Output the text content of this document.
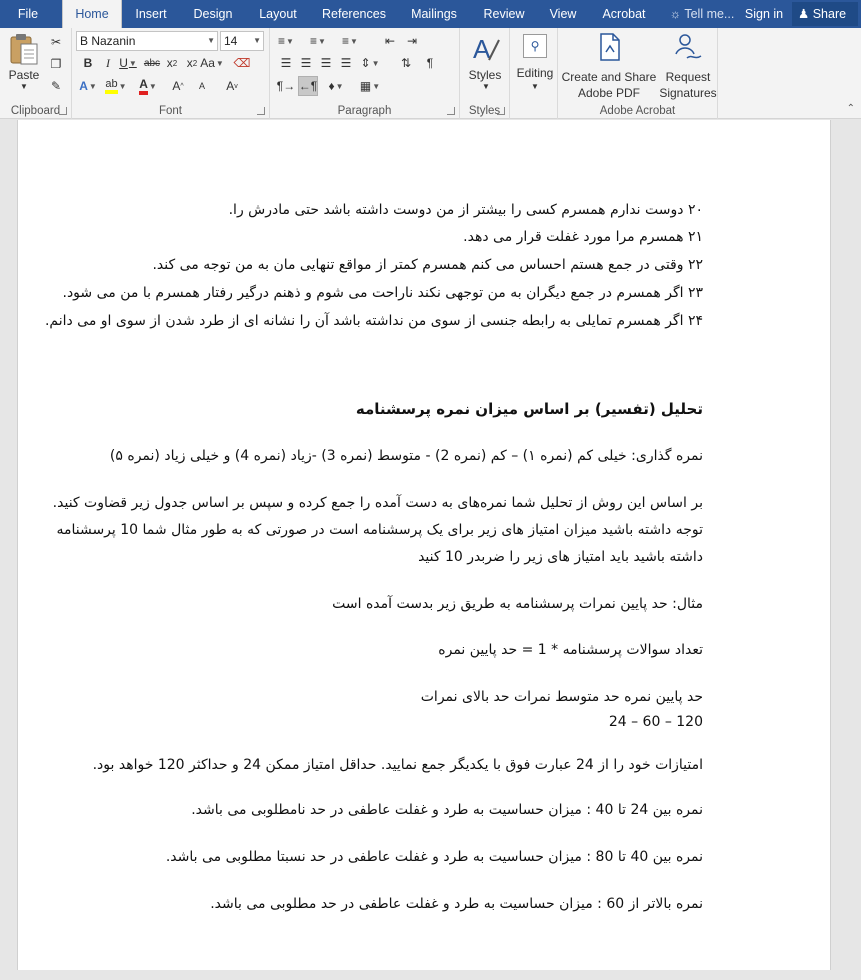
File	Home	Insert	Design	Layout	References	Mailings	Review	View	Acrobat	☼ Tell me... Sign in	♟ Share
Paste
▼
✂
❐
✎
Clipboard
B Nazanin	▼ 14 ▼
B	I U ▼ abc x 2 x 2 Aa ▼ ⌫
A ▼ ab ▼ A ▼	A ^	A v
A
Font
≡ ▼ ≡ ▼ ≡ ▼	⇤ ⇥
☰ ☰ ☰ ☰ ⇕ ▼	⇅	¶
¶→ ←¶ ♦ ▼ ▦ ▼
Paragraph
A
Styles
▼
Styles
⚲
Editing
▼
Create and Share
Adobe PDF
Request
Signatures
Adobe Acrobat	⌃
۲۰ دوست ندارم همسرم کسی را بیشتر از من دوست داشته باشد حتی مادرش را.
۲۱ همسرم مرا مورد غفلت قرار می دهد.
۲۲ وقتی در جمع هستم احساس می کنم همسرم کمتر از مواقع تنهایی مان به من توجه می کند.
۲۳ اگر همسرم در جمع دیگران به من توجهی نکند ناراحت می شوم و ذهنم درگیر رفتار همسرم با من می شود.
۲۴ اگر همسرم تمایلی به رابطه جنسی از سوی من نداشته باشد آن را نشانه ای از طرد شدن از سوی او می دانم.
تحلیل (تفسیر) بر اساس میزان نمره پرسشنامه
نمره گذاری: خیلی کم (نمره ۱) – کم (نمره 2) - متوسط (نمره 3) -زیاد (نمره 4) و خیلی زیاد (نمره ۵)
بر اساس این روش از تحلیل شما نمره‌های به دست آمده را جمع کرده و سپس بر اساس جدول زیر قضاوت کنید.
توجه داشته باشید میزان امتیاز های زیر برای یک پرسشنامه است در صورتی که به طور مثال شما 10 پرسشنامه
داشته باشید باید امتیاز های زیر را ضربدر 10 کنید
مثال: حد پایین نمرات پرسشنامه به طریق زیر بدست آمده است
تعداد سوالات پرسشنامه * 1 = حد پایین نمره
حد پایین نمره حد متوسط نمرات حد بالای نمرات
24 – 60 – 120
امتیازات خود را از 24 عبارت فوق با یکدیگر جمع نمایید. حداقل امتیاز ممکن 24 و حداکثر 120 خواهد بود.
نمره بین 24 تا 40 : میزان حساسیت به طرد و غفلت عاطفی در حد نامطلوبی می باشد.
نمره بین 40 تا 80 : میزان حساسیت به طرد و غفلت عاطفی در حد نسبتا مطلوبی می باشد.
نمره بالاتر از 60 : میزان حساسیت به طرد و غفلت عاطفی در حد مطلوبی می باشد.
